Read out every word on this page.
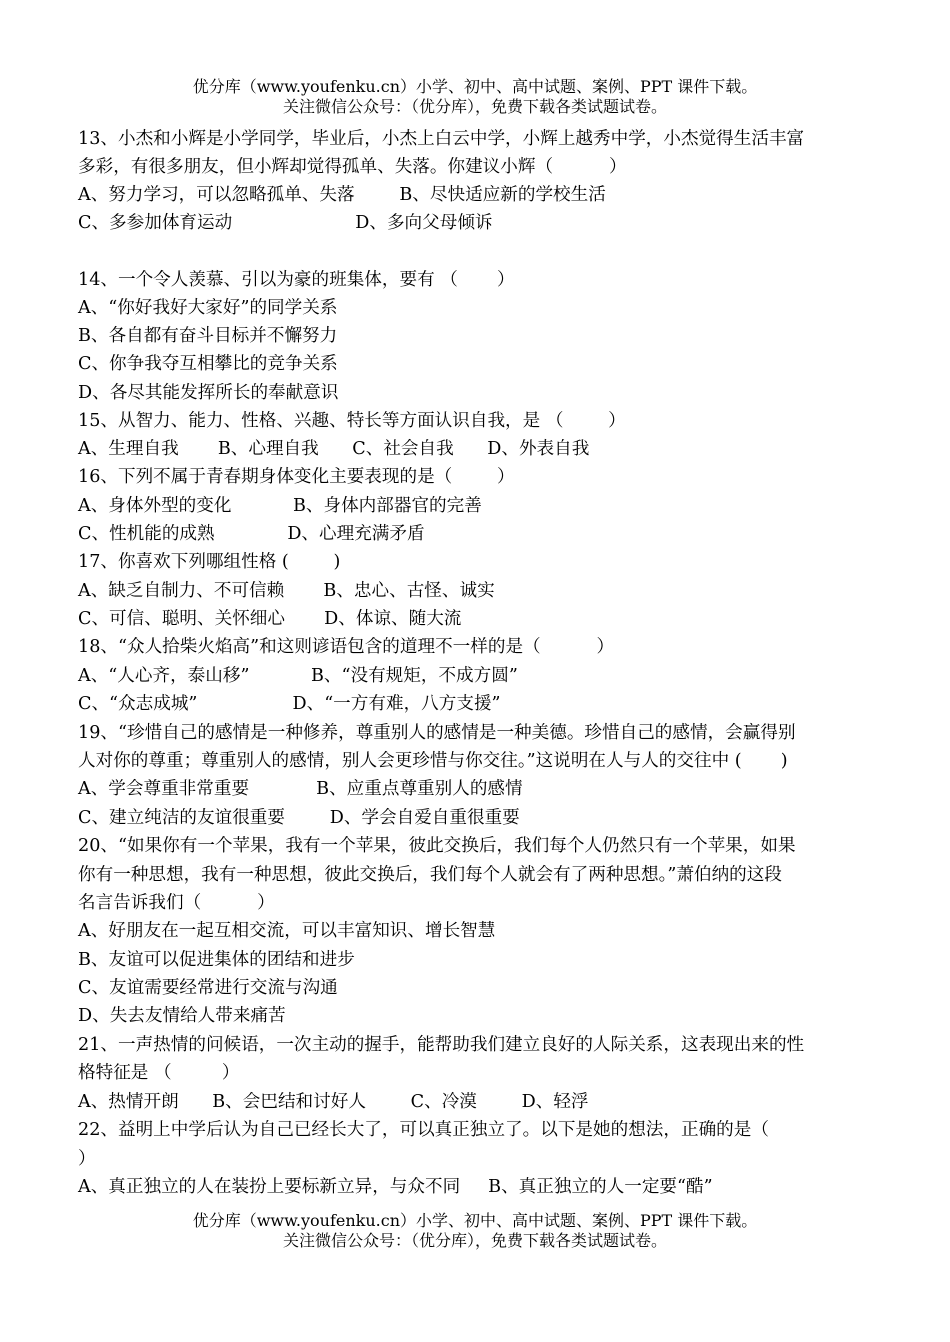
优分库（www.youfenku.cn）小学、初中、高中试题、案例、PPT 课件下载。
关注微信公众号：（优分库），免费下载各类试题试卷。
13、小杰和小辉是小学同学，毕业后，小杰上白云中学，小辉上越秀中学，小杰觉得生活丰富
多彩，有很多朋友，但小辉却觉得孤单、失落。你建议小辉（          ）
A、努力学习，可以忽略孤单、失落        B、尽快适应新的学校生活
C、多参加体育运动                      D、多向父母倾诉
14、一个令人羡慕、引以为豪的班集体，要有 （       ）
A、“你好我好大家好”的同学关系
B、各自都有奋斗目标并不懈努力
C、你争我夺互相攀比的竞争关系
D、各尽其能发挥所长的奉献意识
15、从智力、能力、性格、兴趣、特长等方面认识自我，是 （        ）
A、生理自我       B、心理自我      C、社会自我      D、外表自我
16、下列不属于青春期身体变化主要表现的是（        ）
A、身体外型的变化           B、身体内部器官的完善
C、性机能的成熟             D、心理充满矛盾
17、你喜欢下列哪组性格 (        )
A、缺乏自制力、不可信赖       B、忠心、古怪、诚实
C、可信、聪明、关怀细心       D、体谅、随大流
18、“众人拾柴火焰高”和这则谚语包含的道理不一样的是（          ）
A、“人心齐，泰山移”           B、“没有规矩，不成方圆”
C、“众志成城”                 D、“一方有难，八方支援”
19、“珍惜自己的感情是一种修养，尊重别人的感情是一种美德。珍惜自己的感情，会赢得别
人对你的尊重；尊重别人的感情，别人会更珍惜与你交往。”这说明在人与人的交往中 (       )
A、学会尊重非常重要            B、应重点尊重别人的感情
C、建立纯洁的友谊很重要        D、学会自爱自重很重要
20、“如果你有一个苹果，我有一个苹果，彼此交换后，我们每个人仍然只有一个苹果，如果
你有一种思想，我有一种思想，彼此交换后，我们每个人就会有了两种思想。”萧伯纳的这段
名言告诉我们（          ）
A、好朋友在一起互相交流，可以丰富知识、增长智慧
B、友谊可以促进集体的团结和进步
C、友谊需要经常进行交流与沟通
D、失去友情给人带来痛苦
21、一声热情的问候语，一次主动的握手，能帮助我们建立良好的人际关系，这表现出来的性
格特征是 （         ）
A、热情开朗      B、会巴结和讨好人        C、冷漠        D、轻浮
22、益明上中学后认为自己已经长大了，可以真正独立了。以下是她的想法，正确的是（
）
A、真正独立的人在装扮上要标新立异，与众不同     B、真正独立的人一定要“酷”
优分库（www.youfenku.cn）小学、初中、高中试题、案例、PPT 课件下载。
关注微信公众号：（优分库），免费下载各类试题试卷。
